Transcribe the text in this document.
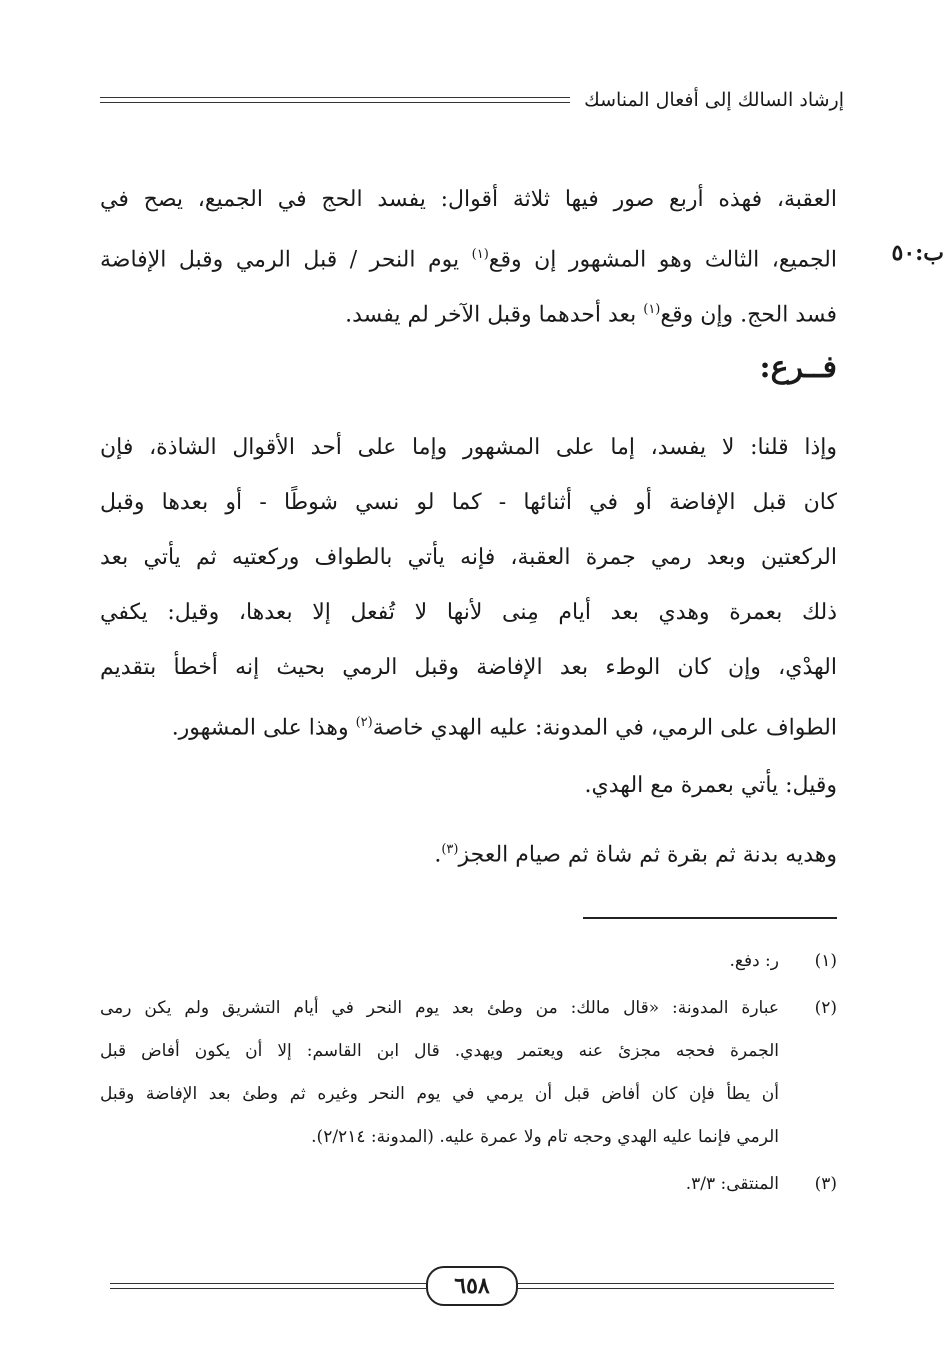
إرشاد السالك إلى أفعال المناسك
ب:٥٠
العقبة، فهذه أربع صور فيها ثلاثة أقوال: يفسد الحج في الجميع، يصح في
الجميع، الثالث وهو المشهور إن وقع$^{(١)}$ يوم النحر / قبل الرمي وقبل الإفاضة
فسد الحج. وإن وقع$^{(١)}$ بعد أحدهما وقبل الآخر لم يفسد.
فــرع:
وإذا قلنا: لا يفسد، إما على المشهور وإما على أحد الأقوال الشاذة، فإن
كان قبل الإفاضة أو في أثنائها - كما لو نسي شوطًا - أو بعدها وقبل
الركعتين وبعد رمي جمرة العقبة، فإنه يأتي بالطواف وركعتيه ثم يأتي بعد
ذلك بعمرة وهدي بعد أيام مِنى لأنها لا تُفعل إلا بعدها، وقيل: يكفي
الهدْي، وإن كان الوطء بعد الإفاضة وقبل الرمي بحيث إنه أخطأ بتقديم
الطواف على الرمي، في المدونة: عليه الهدي خاصة$^{(٢)}$ وهذا على المشهور.
وقيل: يأتي بعمرة مع الهدي.
وهديه بدنة ثم بقرة ثم شاة ثم صيام العجز$^{(٣)}$.
(١)
ر: دفع.
(٢)
عبارة المدونة: «قال مالك: من وطئ بعد يوم النحر في أيام التشريق ولم يكن رمى
الجمرة فحجه مجزئ عنه ويعتمر ويهدي. قال ابن القاسم: إلا أن يكون أفاض قبل
أن يطأ فإن كان أفاض قبل أن يرمي في يوم النحر وغيره ثم وطئ بعد الإفاضة وقبل
الرمي فإنما عليه الهدي وحجه تام ولا عمرة عليه. (المدونة: ٢/٢١٤).
(٣)
المنتقى: ٣/٣.
٦٥٨
